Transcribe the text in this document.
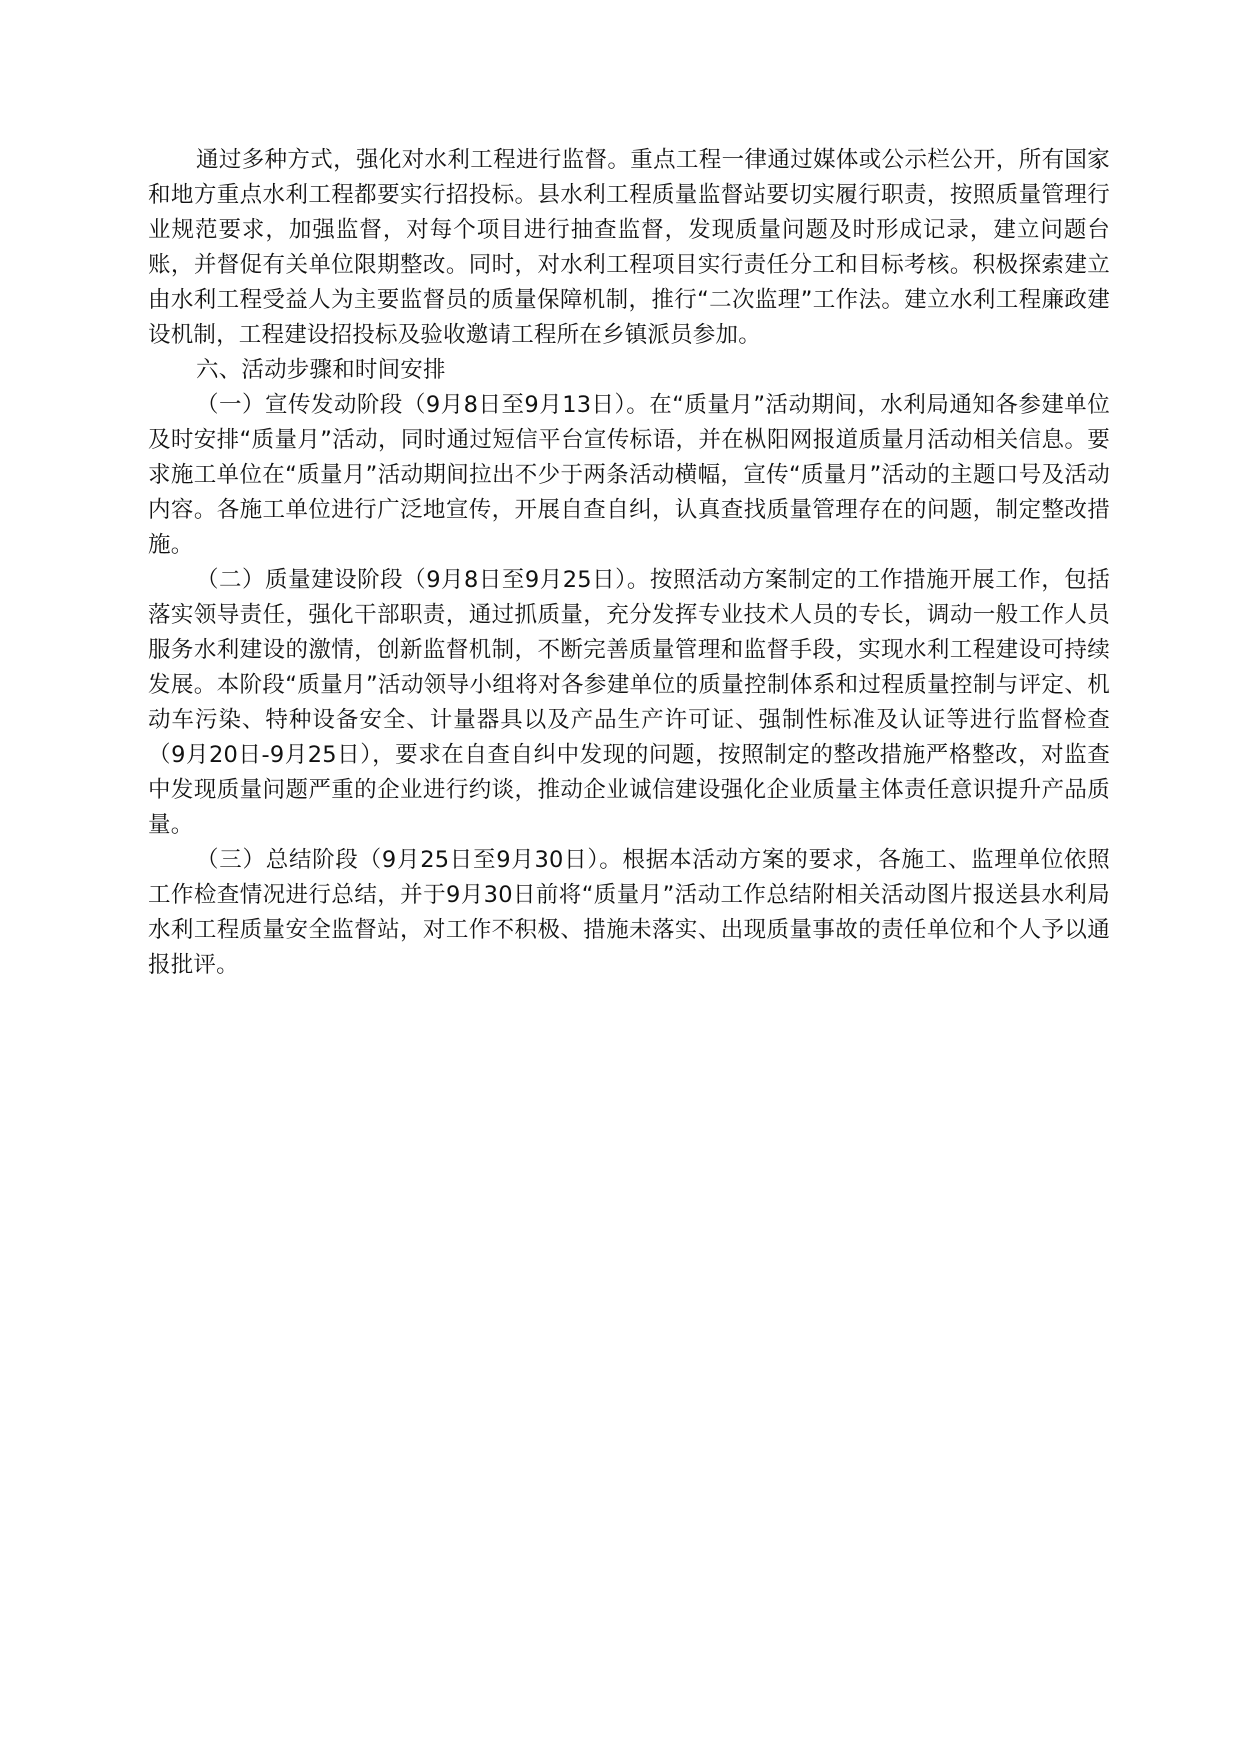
通过多种方式，强化对水利工程进行监督。重点工程一律通过媒体或公示栏公开，所有国家和地方重点水利工程都要实行招投标。县水利工程质量监督站要切实履行职责，按照质量管理行业规范要求，加强监督，对每个项目进行抽查监督，发现质量问题及时形成记录，建立问题台账，并督促有关单位限期整改。同时，对水利工程项目实行责任分工和目标考核。积极探索建立由水利工程受益人为主要监督员的质量保障机制，推行“二次监理”工作法。建立水利工程廉政建设机制，工程建设招投标及验收邀请工程所在乡镇派员参加。

六、活动步骤和时间安排

（一）宣传发动阶段（9月8日至9月13日）。在“质量月”活动期间，水利局通知各参建单位及时安排“质量月”活动，同时通过短信平台宣传标语，并在枞阳网报道质量月活动相关信息。要求施工单位在“质量月”活动期间拉出不少于两条活动横幅，宣传“质量月”活动的主题口号及活动内容。各施工单位进行广泛地宣传，开展自查自纠，认真查找质量管理存在的问题，制定整改措施。

（二）质量建设阶段（9月8日至9月25日）。按照活动方案制定的工作措施开展工作，包括落实领导责任，强化干部职责，通过抓质量，充分发挥专业技术人员的专长，调动一般工作人员服务水利建设的激情，创新监督机制，不断完善质量管理和监督手段，实现水利工程建设可持续发展。本阶段“质量月”活动领导小组将对各参建单位的质量控制体系和过程质量控制与评定、机动车污染、特种设备安全、计量器具以及产品生产许可证、强制性标准及认证等进行监督检查（9月20日-9月25日），要求在自查自纠中发现的问题，按照制定的整改措施严格整改，对监查中发现质量问题严重的企业进行约谈，推动企业诚信建设强化企业质量主体责任意识提升产品质量。

（三）总结阶段（9月25日至9月30日）。根据本活动方案的要求，各施工、监理单位依照工作检查情况进行总结，并于9月30日前将“质量月”活动工作总结附相关活动图片报送县水利局水利工程质量安全监督站，对工作不积极、措施未落实、出现质量事故的责任单位和个人予以通报批评。
